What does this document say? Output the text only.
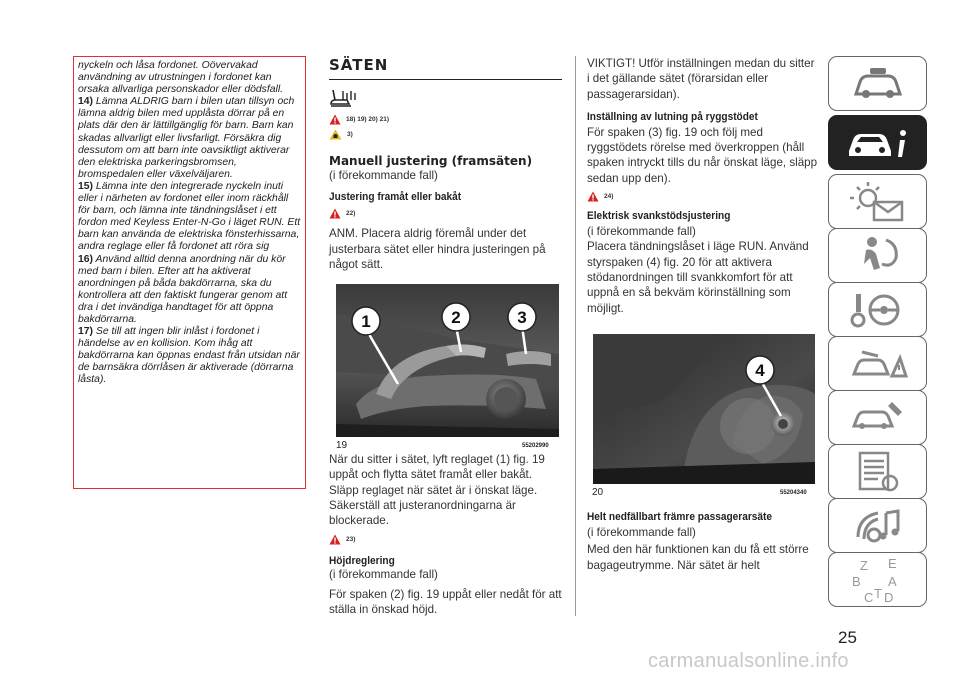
nyckeln och låsa fordonet. Oövervakad användning av utrustningen i fordonet kan orsaka allvarliga personskador eller dödsfall.

14) Lämna ALDRIG barn i bilen utan tillsyn och lämna aldrig bilen med upplåsta dörrar på en plats där den är lättillgänglig för barn. Barn kan skadas allvarligt eller livsfarligt. Försäkra dig dessutom om att barn inte oavsiktligt aktiverar den elektriska parkeringsbromsen, bromspedalen eller växelväljaren.

15) Lämna inte den integrerade nyckeln inuti eller i närheten av fordonet eller inom räckhåll för barn, och lämna inte tändningslåset i ett fordon med Keyless Enter-N-Go i läget RUN. Ett barn kan använda de elektriska fönsterhissarna, andra reglage eller få fordonet att röra sig

16) Använd alltid denna anordning när du kör med barn i bilen. Efter att ha aktiverat anordningen på båda bakdörrarna, ska du kontrollera att den faktiskt fungerar genom att dra i det invändiga handtaget för att öppna bakdörrarna.

17) Se till att ingen blir inlåst i fordonet i händelse av en kollision. Kom ihåg att bakdörrarna kan öppnas endast från utsidan när de barnsäkra dörrlåsen är aktiverade (dörrarna låsta).

SÄTEN
18) 19) 20) 21)
3)
Manuell justering (framsäten)
(i förekommande fall)
Justering framåt eller bakåt
22)
ANM. Placera aldrig föremål under det justerbara sätet eller hindra justeringen på något sätt.
1	2	3
19	55202990
När du sitter i sätet, lyft reglaget (1) fig. 19 uppåt och flytta sätet framåt eller bakåt. Släpp reglaget när sätet är i önskat läge. Säkerställ att justeranordningarna är blockerade.
23)
Höjdreglering
(i förekommande fall)
För spaken (2) fig. 19 uppåt eller nedåt för att ställa in önskad höjd.
VIKTIGT! Utför inställningen medan du sitter i det gällande sätet (förarsidan eller passagerarsidan).
Inställning av lutning på ryggstödet
För spaken (3) fig. 19 och följ med ryggstödets rörelse med överkroppen (håll spaken intryckt tills du når önskat läge, släpp sedan upp den).
24)
Elektrisk svankstödsjustering
(i förekommande fall)
Placera tändningslåset i läge RUN. Använd styrspaken (4) fig. 20 för att aktivera stödanordningen till svankkomfort för att uppnå en så bekväm körinställning som möjligt.
4
20	55204340
Helt nedfällbart främre passagerarsäte
(i förekommande fall)
Med den här funktionen kan du få ett större bagageutrymme. När sätet är helt	Z E
B A
C T D
25
carmanualsonline.info
